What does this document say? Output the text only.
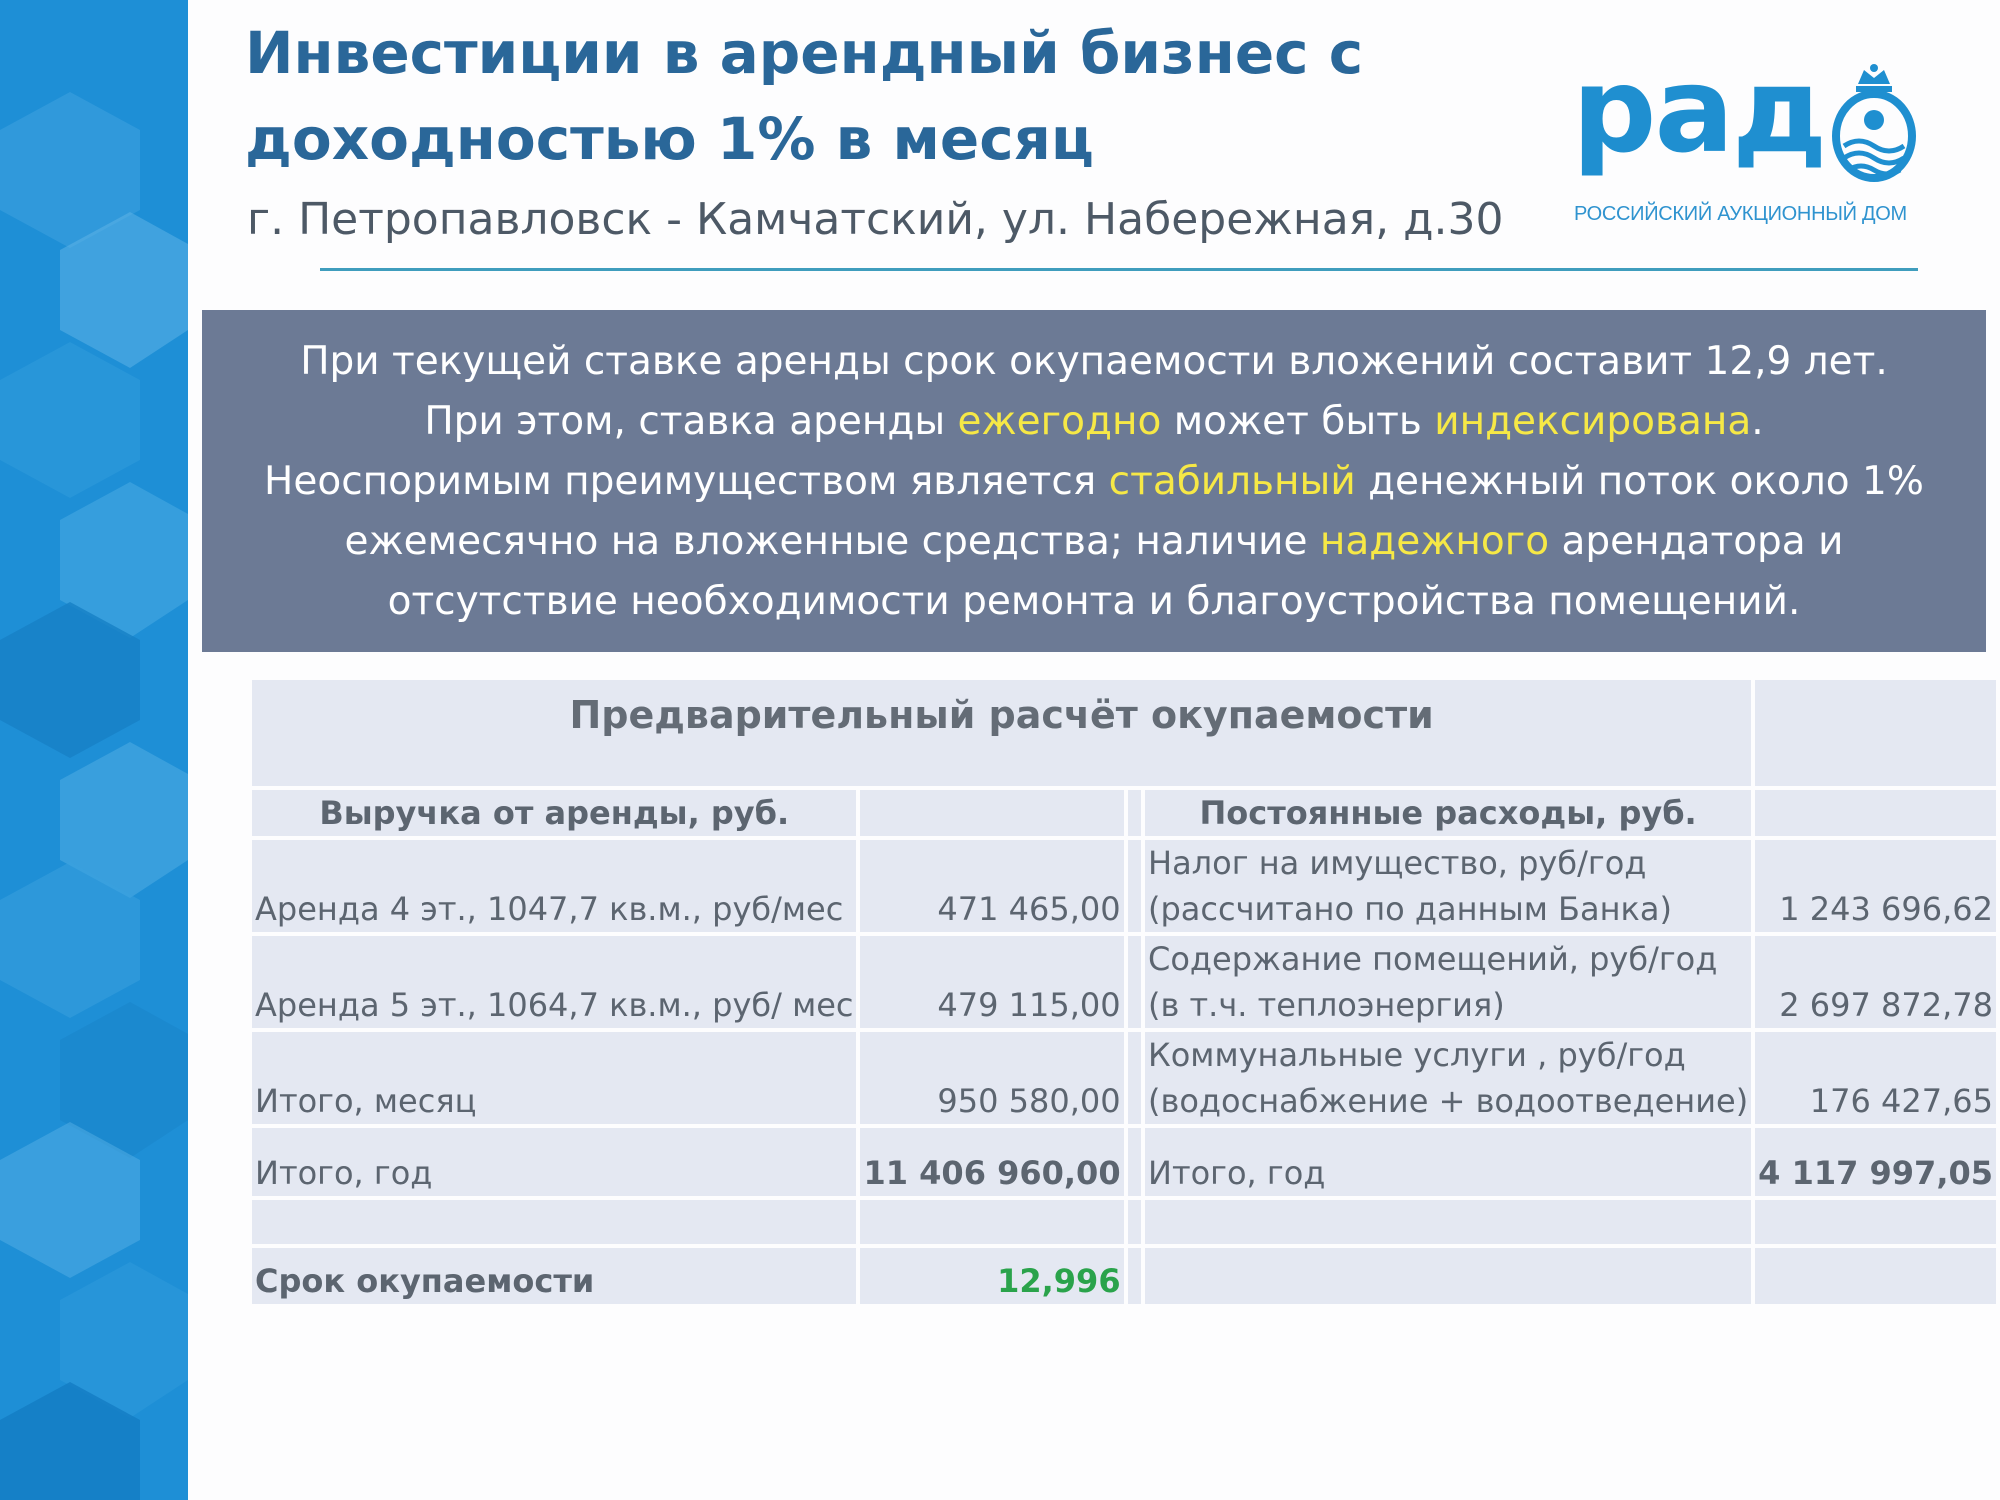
Инвестиции в арендный бизнес с
доходностью 1% в месяц
г. Петропавловск - Камчатский, ул. Набережная, д.30
рад
РОССИЙСКИЙ АУКЦИОННЫЙ ДОМ
При текущей ставке аренды срок окупаемости вложений составит 12,9 лет.
При этом, ставка аренды ежегодно может быть индексирована.
Неоспоримым преимуществом является стабильный денежный поток около 1%
ежемесячно на вложенные средства; наличие надежного арендатора и
отсутствие необходимости ремонта и благоустройства помещений.
Предварительный расчёт окупаемости				
Выручка от аренды, руб.			Постоянные расходы, руб.	
Аренда 4 эт., 1047,7 кв.м., руб/мес	471 465,00		Налог на имущество, руб/год
(рассчитано по данным Банка)	1 243 696,62
Аренда 5 эт., 1064,7 кв.м., руб/ мес	479 115,00		Содержание помещений, руб/год
(в т.ч. теплоэнергия)	2 697 872,78
Итого, месяц	950 580,00		Коммунальные услуги , руб/год
(водоснабжение + водоотведение)	176 427,65
Итого, год	11 406 960,00		Итого, год	4 117 997,05

Срок окупаемости	12,996			
